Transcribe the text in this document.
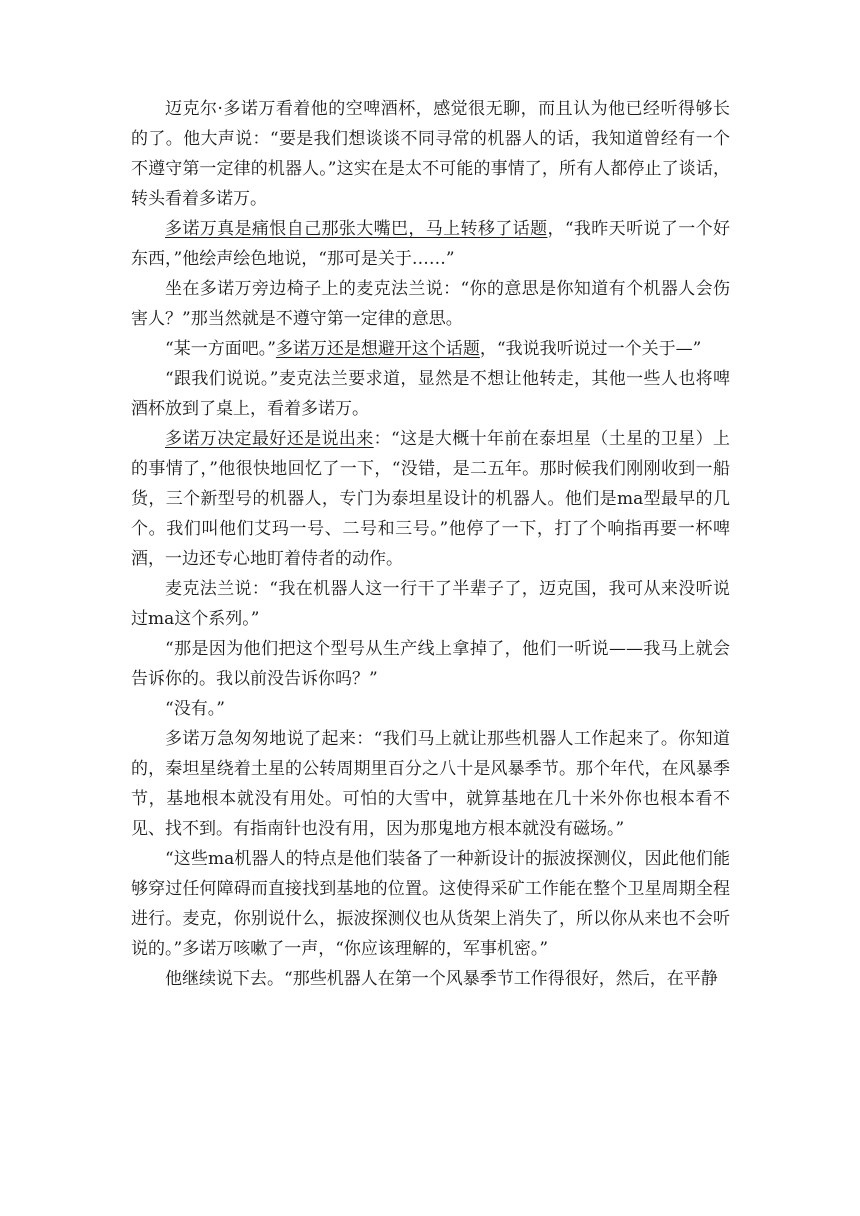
迈克尔·多诺万看着他的空啤酒杯，感觉很无聊，而且认为他已经听得够长的了。他大声说：“要是我们想谈谈不同寻常的机器人的话，我知道曾经有一个不遵守第一定律的机器人。”这实在是太不可能的事情了，所有人都停止了谈话，转头看着多诺万。

多诺万真是痛恨自己那张大嘴巴，马上转移了话题，“我昨天听说了一个好东西，”他绘声绘色地说，“那可是关于……”

坐在多诺万旁边椅子上的麦克法兰说：“你的意思是你知道有个机器人会伤害人？”那当然就是不遵守第一定律的意思。

“某一方面吧。”多诺万还是想避开这个话题，“我说我听说过一个关于—”

“跟我们说说。”麦克法兰要求道，显然是不想让他转走，其他一些人也将啤酒杯放到了桌上，看着多诺万。

多诺万决定最好还是说出来：“这是大概十年前在泰坦星（土星的卫星）上的事情了，”他很快地回忆了一下，“没错，是二五年。那时候我们刚刚收到一船货，三个新型号的机器人，专门为泰坦星设计的机器人。他们是ma型最早的几个。我们叫他们艾玛一号、二号和三号。”他停了一下，打了个响指再要一杯啤酒，一边还专心地盯着侍者的动作。

麦克法兰说：“我在机器人这一行干了半辈子了，迈克国，我可从来没听说过ma这个系列。”

“那是因为他们把这个型号从生产线上拿掉了，他们一听说——我马上就会告诉你的。我以前没告诉你吗？”

“没有。”

多诺万急匆匆地说了起来：“我们马上就让那些机器人工作起来了。你知道的，秦坦星绕着土星的公转周期里百分之八十是风暴季节。那个年代，在风暴季节，基地根本就没有用处。可怕的大雪中，就算基地在几十米外你也根本看不见、找不到。有指南针也没有用，因为那鬼地方根本就没有磁场。”

“这些ma机器人的特点是他们装备了一种新设计的振波探测仪，因此他们能够穿过任何障碍而直接找到基地的位置。这使得采矿工作能在整个卫星周期全程进行。麦克，你别说什么，振波探测仪也从货架上消失了，所以你从来也不会听说的。”多诺万咳嗽了一声，“你应该理解的，军事机密。”

他继续说下去。“那些机器人在第一个风暴季节工作得很好，然后，在平静
